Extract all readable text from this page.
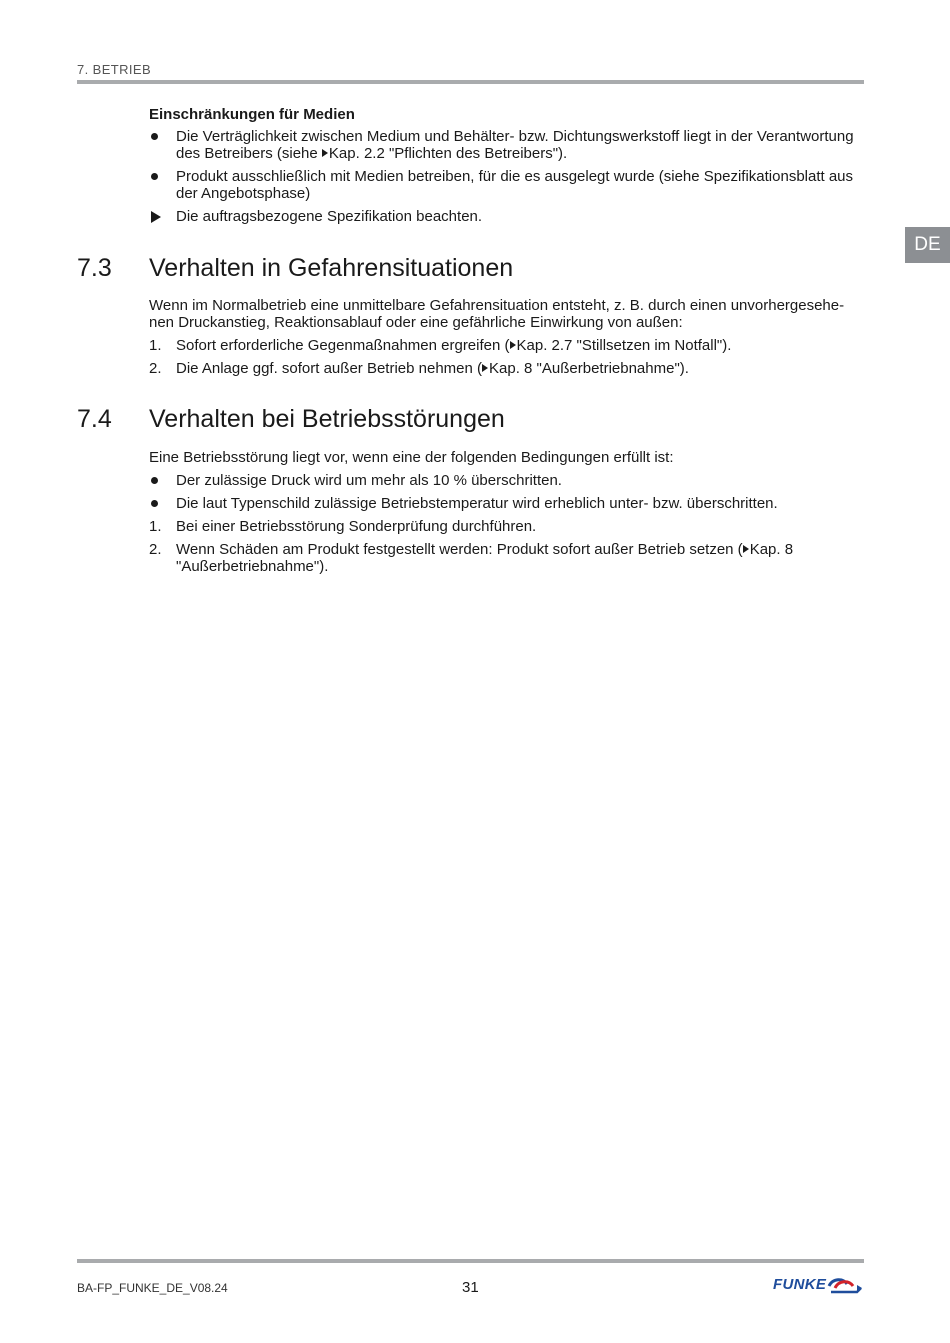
7. BETRIEB
DE

Einschränkungen für Medien

Die Verträglichkeit zwischen Medium und Behälter- bzw. Dichtungswerkstoff liegt in der Verantwortung des Betreibers (siehe Kap. 2.2 "Pflichten des Betreibers").
Produkt ausschließlich mit Medien betreiben, für die es ausgelegt wurde (siehe Spezifikationsblatt aus der Angebotsphase)
Die auftragsbezogene Spezifikation beachten.
7.3 Verhalten in Gefahrensituationen

Wenn im Normalbetrieb eine unmittelbare Gefahrensituation entsteht, z. B. durch einen unvorhergesehe-nen Druckanstieg, Reaktionsablauf oder eine gefährliche Einwirkung von außen:

1. Sofort erforderliche Gegenmaßnahmen ergreifen ( Kap. 2.7 "Stillsetzen im Notfall").
2. Die Anlage ggf. sofort außer Betrieb nehmen ( Kap. 8 "Außerbetriebnahme").
7.4 Verhalten bei Betriebsstörungen

Eine Betriebsstörung liegt vor, wenn eine der folgenden Bedingungen erfüllt ist:

Der zulässige Druck wird um mehr als 10 % überschritten.
Die laut Typenschild zulässige Betriebstemperatur wird erheblich unter- bzw. überschritten.
1. Bei einer Betriebsstörung Sonderprüfung durchführen.
2. Wenn Schäden am Produkt festgestellt werden: Produkt sofort außer Betrieb setzen ( Kap. 8 "Außerbetriebnahme").
BA-FP_FUNKE_DE_V08.24	31	FUNKE
